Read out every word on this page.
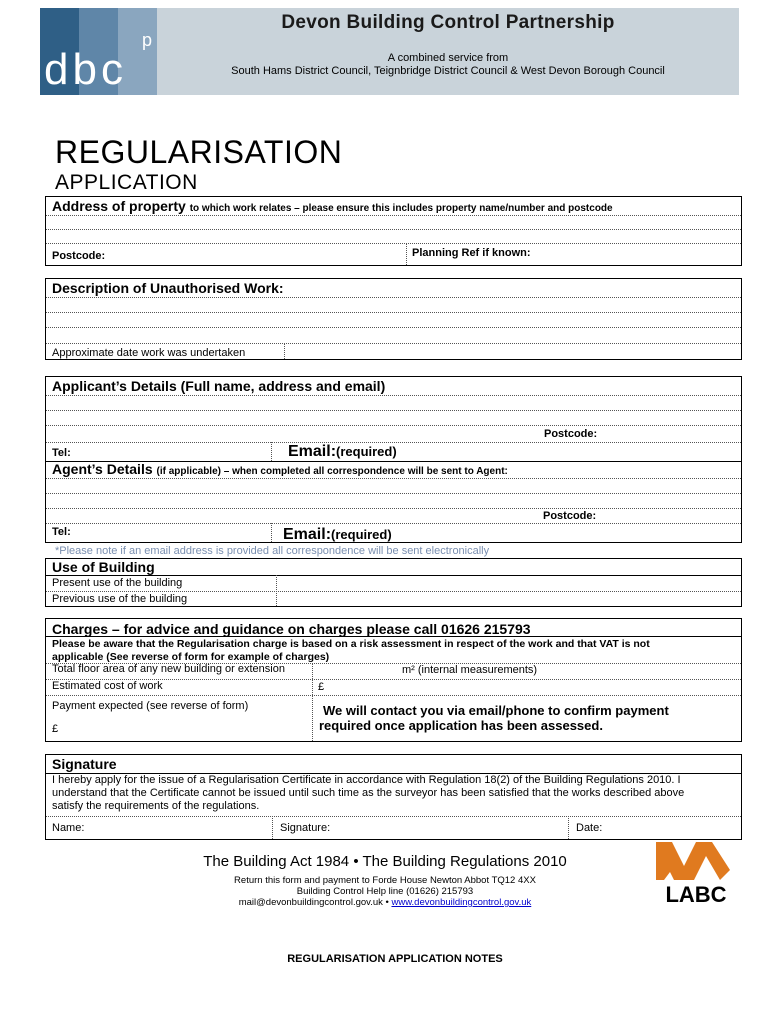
dbc
p
Devon Building Control Partnership
A combined service from
South Hams District Council, Teignbridge District Council & West Devon Borough Council
REGULARISATION
APPLICATION
Address of property to which work relates – please ensure this includes property name/number and postcode
Postcode:	Planning Ref if known:
Description of Unauthorised Work:
Approximate date work was undertaken
Applicant’s Details (Full name, address and email)
Postcode:
Tel:	Email:(required)
Agent’s Details (if applicable) – when completed all correspondence will be sent to Agent:
Postcode:
Tel:	Email:(required)
*Please note if an email address is provided all correspondence will be sent electronically
Use of Building
Present use of the building
Previous use of the building
Charges – for advice and guidance on charges please call 01626 215793
Please be aware that the Regularisation charge is based on a risk assessment in respect of the work and that VAT is not
applicable (See reverse of form for example of charges)
Total floor area of any new building or extension	m² (internal measurements)
Estimated cost of work	£
Payment expected (see reverse of form)
£
We will contact you via email/phone to confirm payment
required once application has been assessed.
Signature
I hereby apply for the issue of a Regularisation Certificate in accordance with Regulation 18(2) of the Building Regulations 2010. I
understand that the Certificate cannot be issued until such time as the surveyor has been satisfied that the works described above
satisfy the requirements of the regulations.
Name:	Signature:	Date:
The Building Act 1984 • The Building Regulations 2010
Return this form and payment to Forde House Newton Abbot TQ12 4XX
Building Control Help line (01626) 215793
mail@devonbuildingcontrol.gov.uk • www.devonbuildingcontrol.gov.uk	LABC
REGULARISATION APPLICATION NOTES
